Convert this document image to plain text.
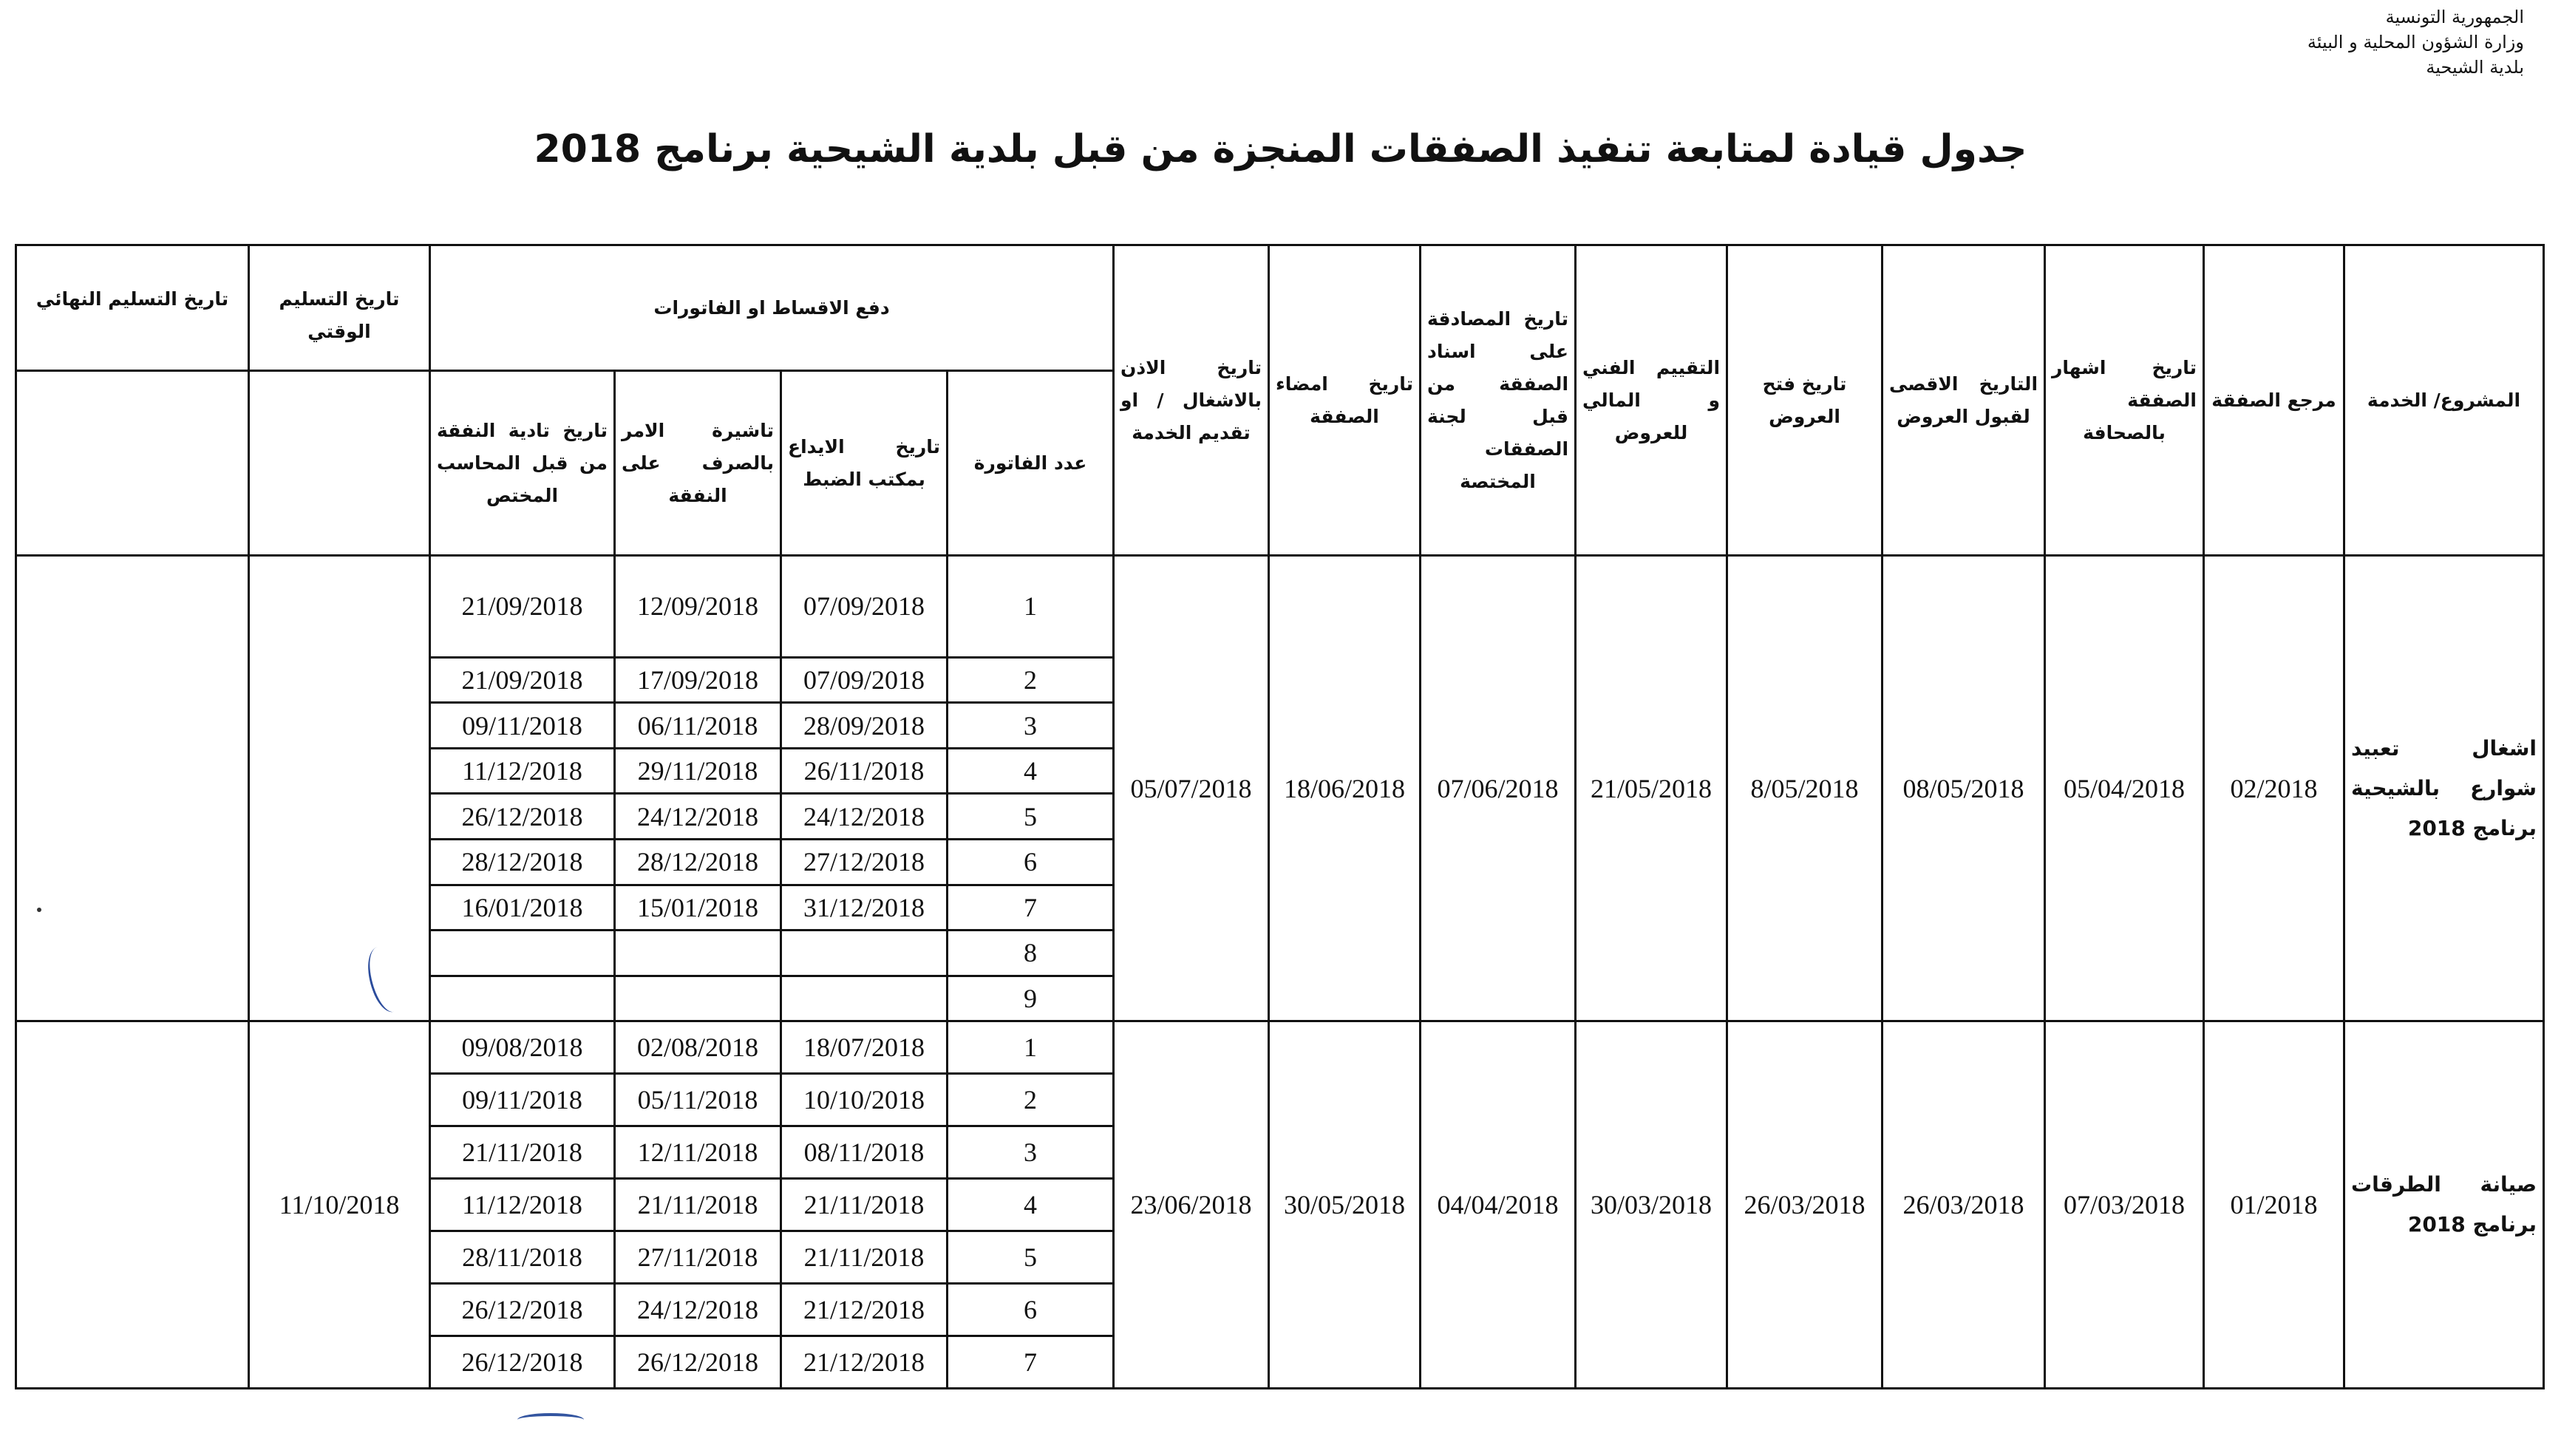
الجمهورية التونسية
وزارة الشؤون المحلية و البيئة
بلدية الشيحية
جدول قيادة لمتابعة تنفيذ الصفقات المنجزة من قبل بلدية الشيحية برنامج 2018
المشروع/ الخدمة	مرجع الصفقة	تاريخ اشهار الصفقة بالصحافة	التاريخ الاقصى لقبول العروض	تاريخ فتح العروض	التقييم الفني و المالي للعروض	تاريخ المصادقة على اسناد الصفقة من قبل لجنة الصفقات المختصة	تاريخ امضاء الصفقة	تاريخ الاذن بالاشغال / او تقديم الخدمة	دفع الاقساط او الفاتورات				تاريخ التسليم الوقتي	تاريخ التسليم النهائي
									عدد الفاتورة	تاريخ الايداع بمكتب الضبط	تاشيرة الامر بالصرف على النفقة	تاريخ تادية النفقة من قبل المحاسب المختص		
اشغال تعبيد شوارع بالشيحية برنامج 2018	02/2018	05/04/2018	08/05/2018	8/05/2018	21/05/2018	07/06/2018	18/06/2018	05/07/2018	1	07/09/2018	12/09/2018	21/09/2018		
									2	07/09/2018	17/09/2018	21/09/2018		
									3	28/09/2018	06/11/2018	09/11/2018		
									4	26/11/2018	29/11/2018	11/12/2018		
									5	24/12/2018	24/12/2018	26/12/2018		
									6	27/12/2018	28/12/2018	28/12/2018		
									7	31/12/2018	15/01/2018	16/01/2018		
									8					
									9					
صيانة الطرقات برنامج 2018	01/2018	07/03/2018	26/03/2018	26/03/2018	30/03/2018	04/04/2018	30/05/2018	23/06/2018	1	18/07/2018	02/08/2018	09/08/2018	11/10/2018	
									2	10/10/2018	05/11/2018	09/11/2018		
									3	08/11/2018	12/11/2018	21/11/2018		
									4	21/11/2018	21/11/2018	11/12/2018		
									5	21/11/2018	27/11/2018	28/11/2018		
									6	21/12/2018	24/12/2018	26/12/2018		
									7	21/12/2018	26/12/2018	26/12/2018		
